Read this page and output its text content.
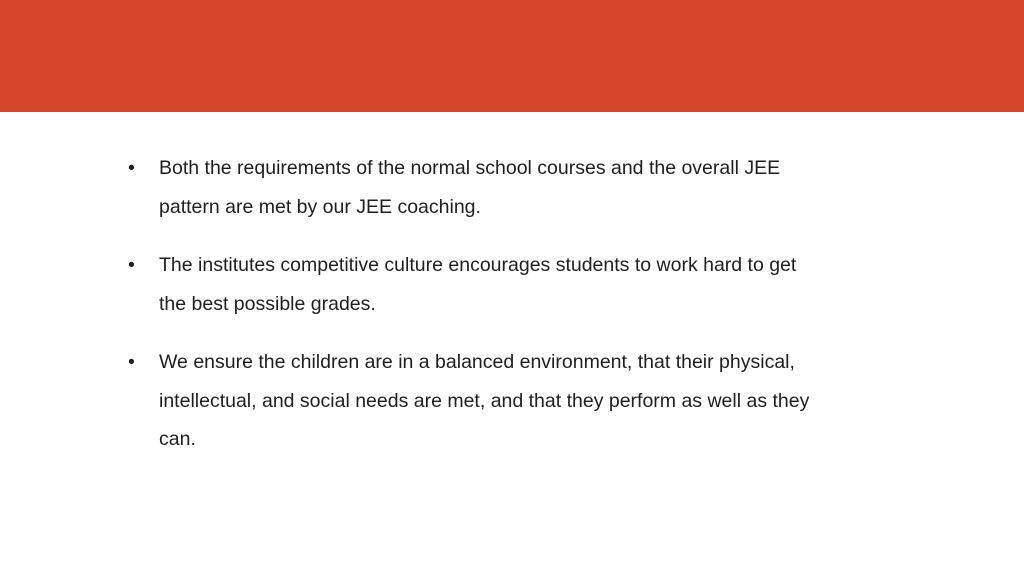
•	Both the requirements of the normal school courses and the overall JEE pattern are met by our JEE coaching.
•	The institutes competitive culture encourages students to work hard to get the best possible grades.
•	We ensure the children are in a balanced environment, that their physical, intellectual, and social needs are met, and that they perform as well as they can.
